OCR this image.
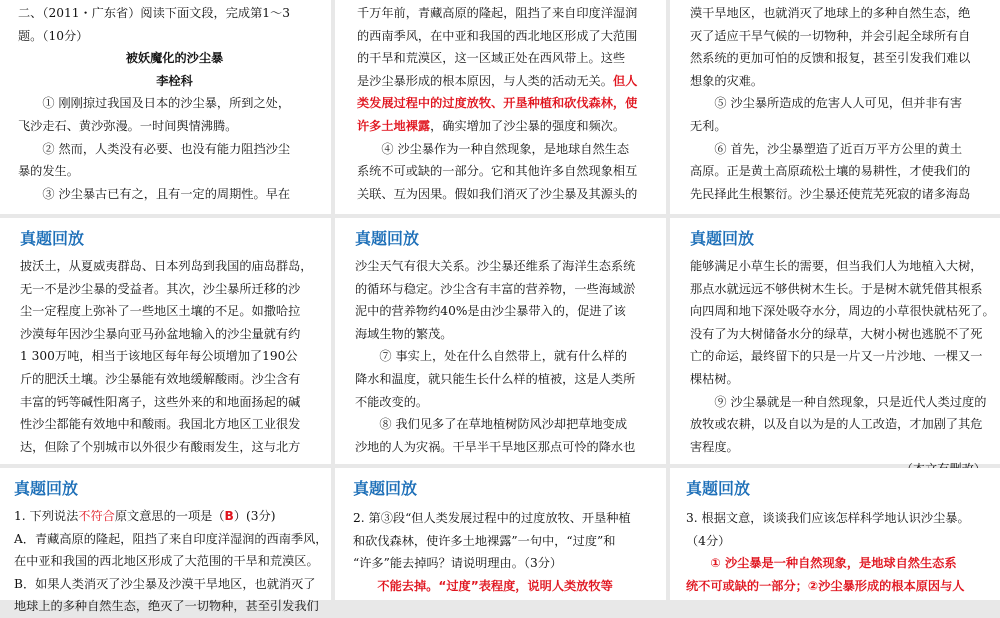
二、（2011・广东省）阅读下面文段，完成第1～3

题。（10分）

被妖魔化的沙尘暴

李栓科

① 刚刚掠过我国及日本的沙尘暴，所到之处，

飞沙走石、黄沙弥漫。一时间舆情沸腾。

② 然而，人类没有必要、也没有能力阻挡沙尘

暴的发生。

③ 沙尘暴古已有之，且有一定的周期性。早在

千万年前，青藏高原的隆起，阻挡了来自印度洋湿润

的西南季风，在中亚和我国的西北地区形成了大范围

的干旱和荒漠区，这一区域正处在西风带上。这些

是沙尘暴形成的根本原因，与人类的活动无关。但人

类发展过程中的过度放牧、开垦种植和砍伐森林，使

许多土地裸露，确实增加了沙尘暴的强度和频次。

④ 沙尘暴作为一种自然现象，是地球自然生态

系统不可或缺的一部分。它和其他许多自然现象相互

关联、互为因果。假如我们消灭了沙尘暴及其源头的

漠干旱地区，也就消灭了地球上的多种自然生态，绝

灭了适应干旱气候的一切物种，并会引起全球所有自

然系统的更加可怕的反馈和报复，甚至引发我们难以

想象的灾难。

⑤ 沙尘暴所造成的危害人人可见，但并非有害

无利。

⑥ 首先，沙尘暴塑造了近百万平方公里的黄土

高原。正是黄土高原疏松土壤的易耕性，才使我们的

先民择此生根繁衍。沙尘暴还使荒芜死寂的诸多海岛

真题回放

披沃土，从夏威夷群岛、日本列岛到我国的庙岛群岛，

无一不是沙尘暴的受益者。其次，沙尘暴所迁移的沙

尘一定程度上弥补了一些地区土壤的不足。如撒哈拉

沙漠每年因沙尘暴向亚马孙盆地输入的沙尘量就有约

1 300万吨，相当于该地区每年每公顷增加了190公

斤的肥沃土壤。沙尘暴能有效地缓解酸雨。沙尘含有

丰富的钙等碱性阳离子，这些外来的和地面扬起的碱

性沙尘都能有效地中和酸雨。我国北方地区工业很发

达，但除了个别城市以外很少有酸雨发生，这与北方

真题回放

沙尘天气有很大关系。沙尘暴还维系了海洋生态系统

的循环与稳定。沙尘含有丰富的营养物，一些海域淤

泥中的营养物约40%是由沙尘暴带入的，促进了该

海域生物的繁茂。

⑦ 事实上，处在什么自然带上，就有什么样的

降水和温度，就只能生长什么样的植被，这是人类所

不能改变的。

⑧ 我们见多了在草地植树防风沙却把草地变成

沙地的人为灾祸。干旱半干旱地区那点可怜的降水也

真题回放

能够满足小草生长的需要，但当我们人为地植入大树，

那点水就远远不够供树木生长。于是树木就凭借其根系

向四周和地下深处吸夺水分，周边的小草很快就枯死了。

没有了为大树储备水分的绿草，大树小树也逃脱不了死

亡的命运，最终留下的只是一片又一片沙地、一棵又一

棵枯树。

⑨ 沙尘暴就是一种自然现象，只是近代人类过度的

放牧或农耕，以及自以为是的人工改造，才加剧了其危

害程度。

真题回放

1. 下列说法不符合原文意思的一项是（B）(3分)

A．青藏高原的隆起，阻挡了来自印度洋湿润的西南季风，

在中亚和我国的西北地区形成了大范围的干旱和荒漠区。

B．如果人类消灭了沙尘暴及沙漠干旱地区，也就消灭了

地球上的多种自然生态，绝灭了一切物种，甚至引发我们

真题回放

2. 第③段“但人类发展过程中的过度放牧、开垦种植

和砍伐森林，使许多土地裸露”一句中，“过度”和

“许多”能去掉吗？请说明理由。（3分）

不能去掉。“过度”表程度，说明人类放牧等

真题回放

3. 根据文意，谈谈我们应该怎样科学地认识沙尘暴。

（4分）

① 沙尘暴是一种自然现象，是地球自然生态系

统不可或缺的一部分；②沙尘暴形成的根本原因与人
